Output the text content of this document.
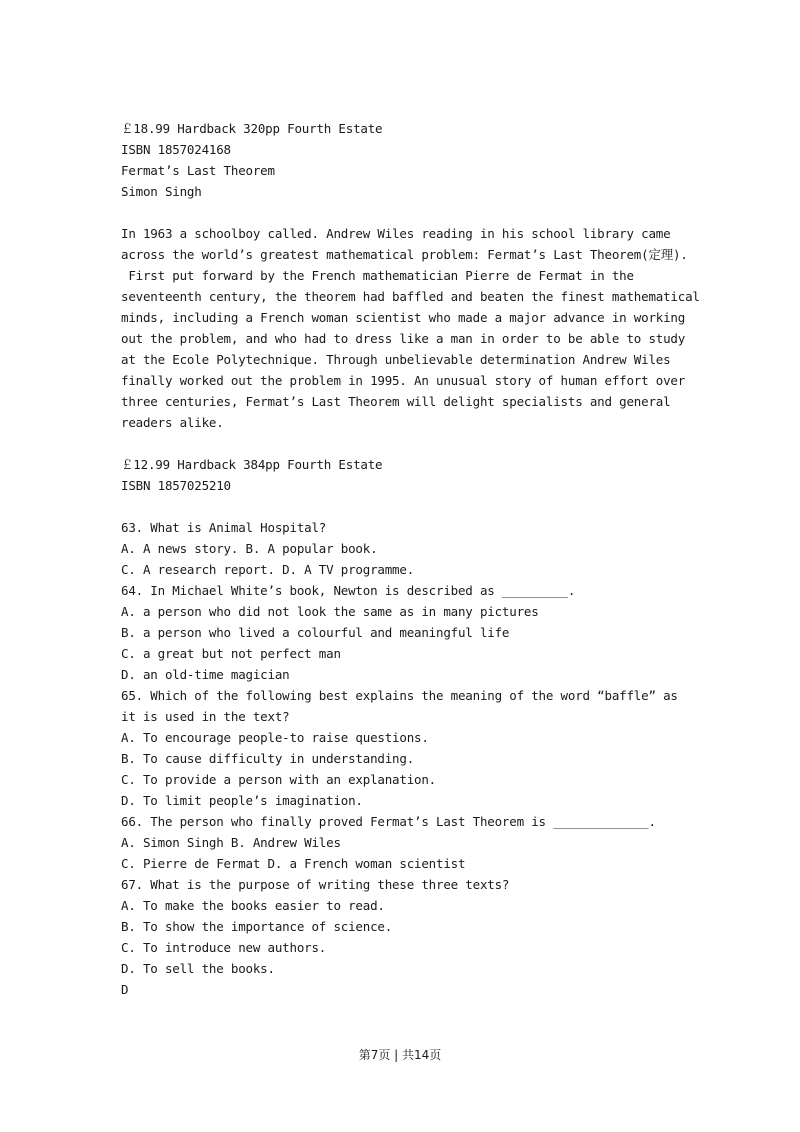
￡18.99 Hardback 320pp Fourth Estate
ISBN 1857024168
Fermat’s Last Theorem
Simon Singh
In 1963 a schoolboy called. Andrew Wiles reading in his school library came
across the world’s greatest mathematical problem: Fermat’s Last Theorem(定理).
First put forward by the French mathematician Pierre de Fermat in the
seventeenth century, the theorem had baffled and beaten the finest mathematical
minds, including a French woman scientist who made a major advance in working
out the problem, and who had to dress like a man in order to be able to study
at the Ecole Polytechnique. Through unbelievable determination Andrew Wiles
finally worked out the problem in 1995. An unusual story of human effort over
three centuries, Fermat’s Last Theorem will delight specialists and general
readers alike.
￡12.99 Hardback 384pp Fourth Estate
ISBN 1857025210
63. What is Animal Hospital?
A. A news story. B. A popular book.
C. A research report. D. A TV programme.
64. In Michael White’s book, Newton is described as _________.
A. a person who did not look the same as in many pictures
B. a person who lived a colourful and meaningful life
C. a great but not perfect man
D. an old-time magician
65. Which of the following best explains the meaning of the word “baffle” as
it is used in the text?
A. To encourage people-to raise questions.
B. To cause difficulty in understanding.
C. To provide a person with an explanation.
D. To limit people’s imagination.
66. The person who finally proved Fermat’s Last Theorem is _____________.
A. Simon Singh B. Andrew Wiles
C. Pierre de Fermat D. a French woman scientist
67. What is the purpose of writing these three texts?
A. To make the books easier to read.
B. To show the importance of science.
C. To introduce new authors.
D. To sell the books.
D
第7页 | 共14页
